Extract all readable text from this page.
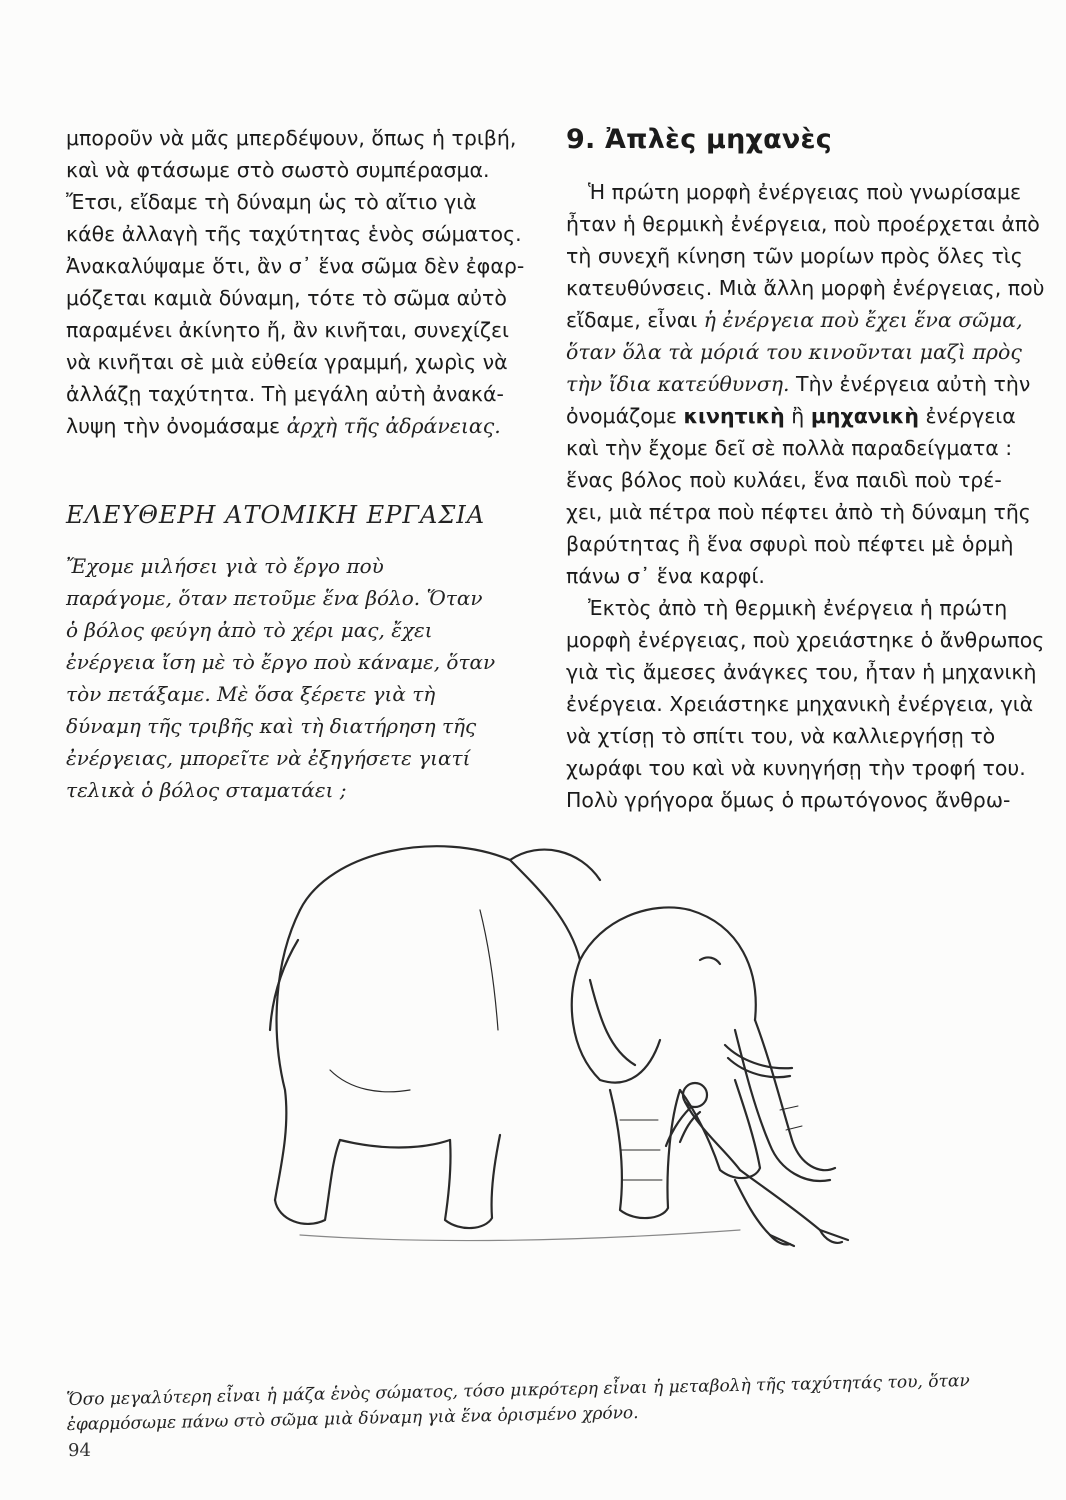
μποροῦν νὰ μᾶς μπερδέψουν, ὅπως ἡ τριβή,
καὶ νὰ φτάσωμε στὸ σωστὸ συμπέρασμα.
Ἔτσι, εἴδαμε τὴ δύναμη ὡς τὸ αἴτιο γιὰ
κάθε ἀλλαγὴ τῆς ταχύτητας ἑνὸς σώματος.
Ἀνακαλύψαμε ὅτι, ἂν σ᾽ ἕνα σῶμα δὲν ἐφαρ-
μόζεται καμιὰ δύναμη, τότε τὸ σῶμα αὐτὸ
παραμένει ἀκίνητο ἤ, ἂν κινῆται, συνεχίζει
νὰ κινῆται σὲ μιὰ εὐθεία γραμμή, χωρὶς νὰ
ἀλλάζῃ ταχύτητα. Τὴ μεγάλη αὐτὴ ἀνακά-
λυψη τὴν ὀνομάσαμε ἀρχὴ τῆς ἀδράνειας.

ΕΛΕΥΘΕΡΗ ΑΤΟΜΙΚΗ ΕΡΓΑΣΙΑ

Ἔχομε μιλήσει γιὰ τὸ ἔργο ποὺ
παράγομε, ὅταν πετοῦμε ἕνα βόλο. Ὅταν
ὁ βόλος φεύγη ἀπὸ τὸ χέρι μας, ἔχει
ἐνέργεια ἴση μὲ τὸ ἔργο ποὺ κάναμε, ὅταν
τὸν πετάξαμε. Μὲ ὅσα ξέρετε γιὰ τὴ
δύναμη τῆς τριβῆς καὶ τὴ διατήρηση τῆς
ἐνέργειας, μπορεῖτε νὰ ἐξηγήσετε γιατί
τελικὰ ὁ βόλος σταματάει ;

9. Ἀπλὲς μηχανὲς

Ἡ πρώτη μορφὴ ἐνέργειας ποὺ γνωρίσαμε
ἦταν ἡ θερμικὴ ἐνέργεια, ποὺ προέρχεται ἀπὸ
τὴ συνεχῆ κίνηση τῶν μορίων πρὸς ὅλες τὶς
κατευθύνσεις. Μιὰ ἄλλη μορφὴ ἐνέργειας, ποὺ
εἴδαμε, εἶναι ἡ ἐνέργεια ποὺ ἔχει ἕνα σῶμα,
ὅταν ὅλα τὰ μόριά του κινοῦνται μαζὶ πρὸς
τὴν ἴδια κατεύθυνση. Τὴν ἐνέργεια αὐτὴ τὴν
ὀνομάζομε κινητικὴ ἢ μηχανικὴ ἐνέργεια
καὶ τὴν ἔχομε δεῖ σὲ πολλὰ παραδείγματα :
ἕνας βόλος ποὺ κυλάει, ἕνα παιδὶ ποὺ τρέ-
χει, μιὰ πέτρα ποὺ πέφτει ἀπὸ τὴ δύναμη τῆς
βαρύτητας ἢ ἕνα σφυρὶ ποὺ πέφτει μὲ ὁρμὴ
πάνω σ᾽ ἕνα καρφί.

Ἐκτὸς ἀπὸ τὴ θερμικὴ ἐνέργεια ἡ πρώτη
μορφὴ ἐνέργειας, ποὺ χρειάστηκε ὁ ἄνθρωπος
γιὰ τὶς ἄμεσες ἀνάγκες του, ἦταν ἡ μηχανικὴ
ἐνέργεια. Χρειάστηκε μηχανικὴ ἐνέργεια, γιὰ
νὰ χτίσῃ τὸ σπίτι του, νὰ καλλιεργήσῃ τὸ
χωράφι του καὶ νὰ κυνηγήσῃ τὴν τροφή του.
Πολὺ γρήγορα ὅμως ὁ πρωτόγονος ἄνθρω-

Ὅσο μεγαλύτερη εἶναι ἡ μάζα ἑνὸς σώματος, τόσο μικρότερη εἶναι ἡ μεταβολὴ τῆς ταχύτητάς του, ὅταν
ἐφαρμόσωμε πάνω στὸ σῶμα μιὰ δύναμη γιὰ ἕνα ὁρισμένο χρόνο.
94
